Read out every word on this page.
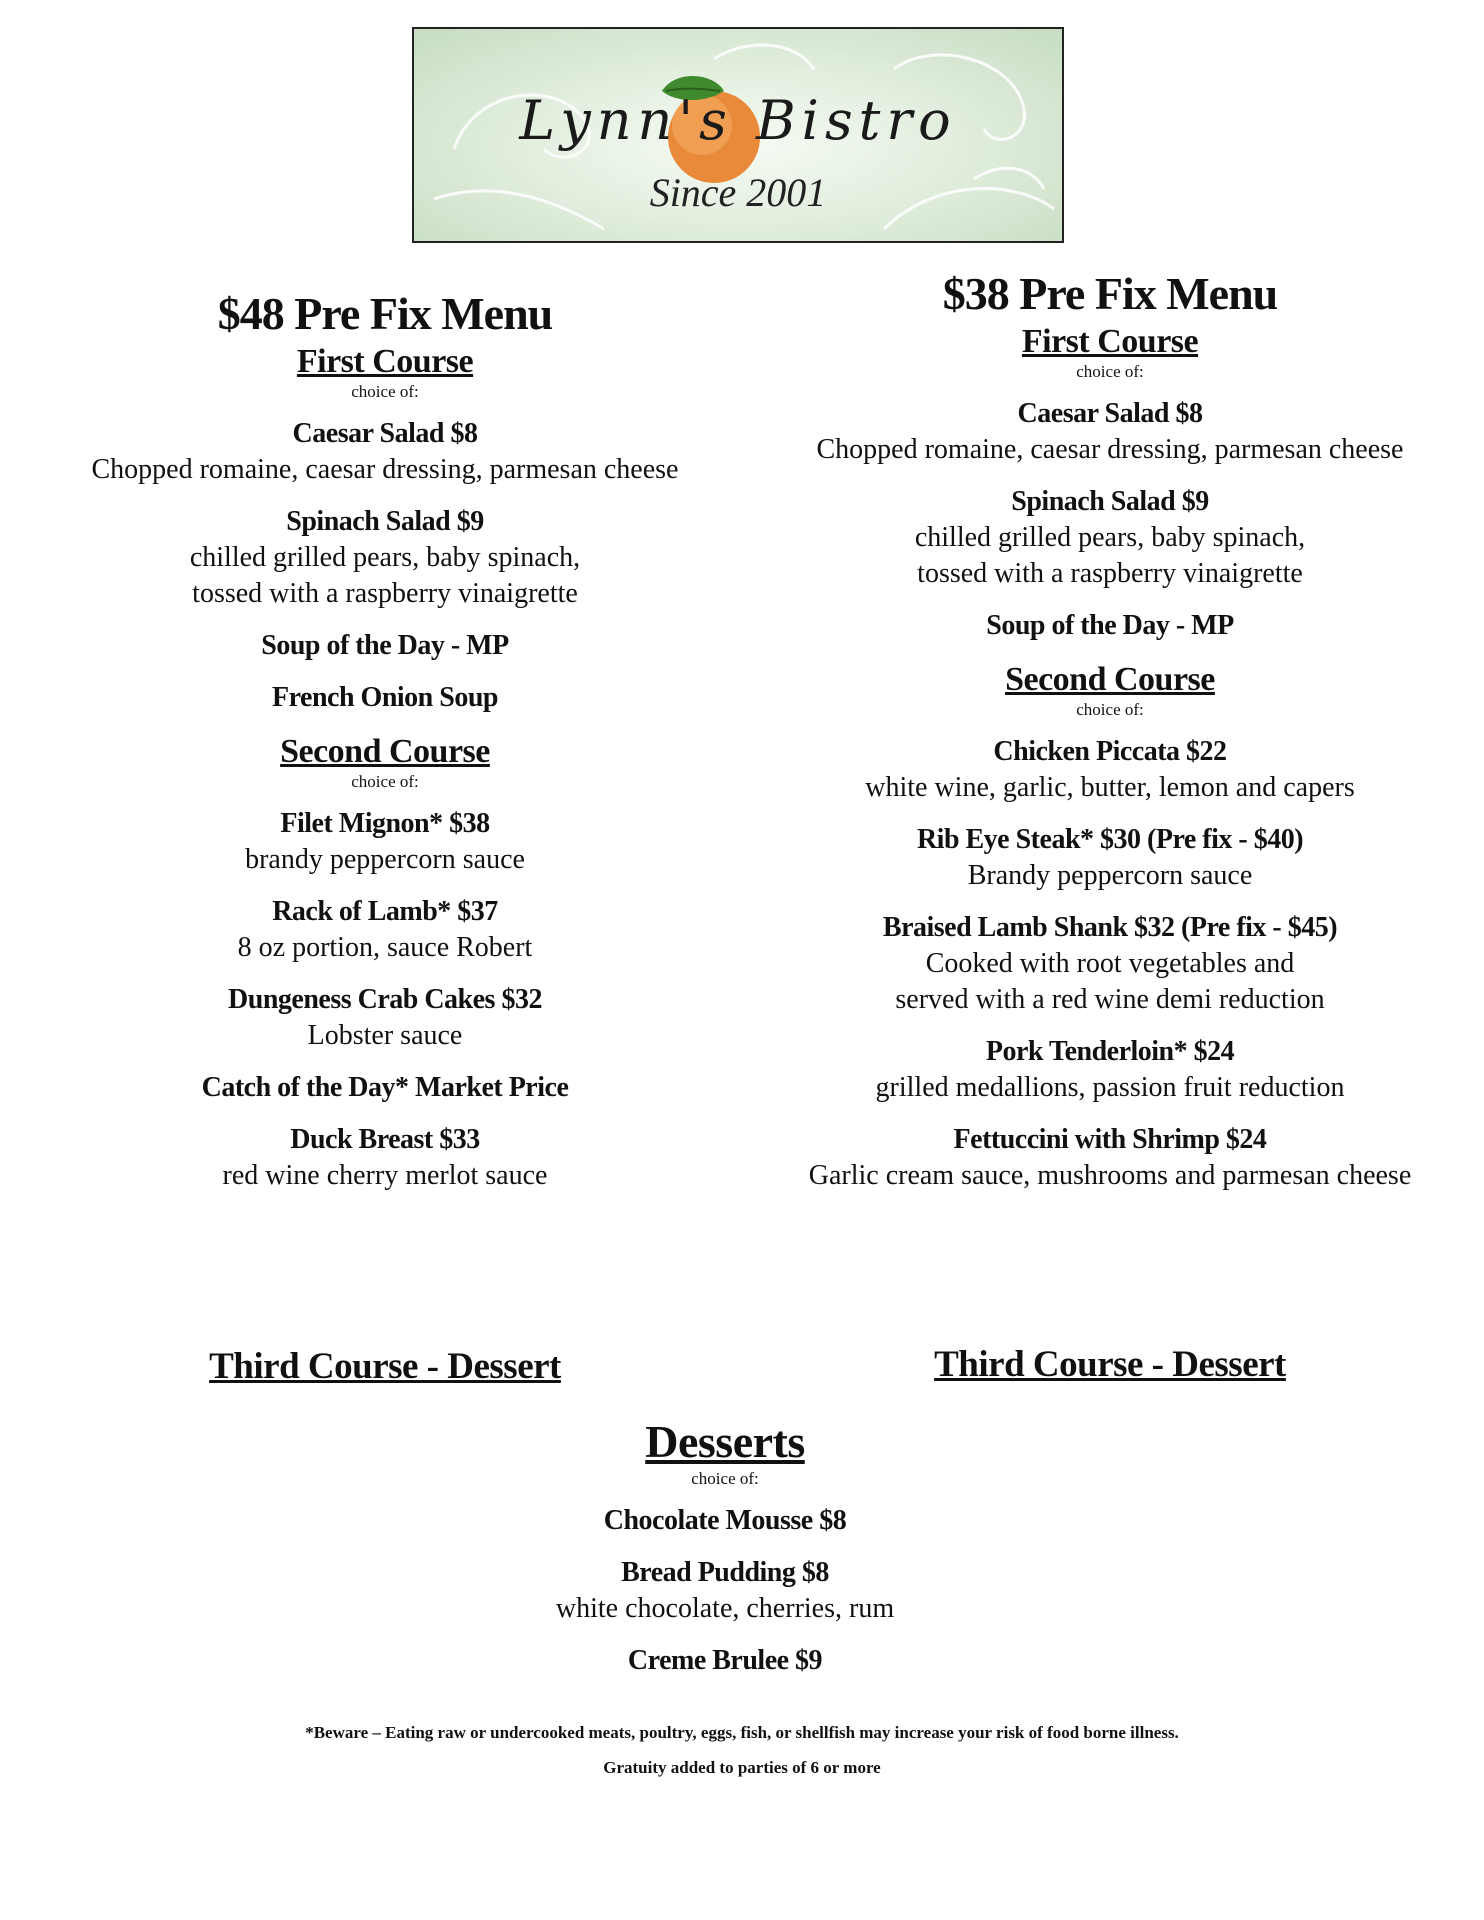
Lynn's Bistro
Since 2001
$48 Pre Fix Menu
First Course
choice of:
Caesar Salad $8
Chopped romaine, caesar dressing, parmesan cheese
Spinach Salad $9
chilled grilled pears, baby spinach,
tossed with a raspberry vinaigrette
Soup of the Day - MP
French Onion Soup
Second Course
choice of:
Filet Mignon* $38
brandy peppercorn sauce
Rack of Lamb* $37
8 oz portion, sauce Robert
Dungeness Crab Cakes $32
Lobster sauce
Catch of the Day* Market Price
Duck Breast $33
red wine cherry merlot sauce
$38 Pre Fix Menu
First Course
choice of:
Caesar Salad $8
Chopped romaine, caesar dressing, parmesan cheese
Spinach Salad $9
chilled grilled pears, baby spinach,
tossed with a raspberry vinaigrette
Soup of the Day - MP
Second Course
choice of:
Chicken Piccata $22
white wine, garlic, butter, lemon and capers
Rib Eye Steak* $30 (Pre fix - $40)
Brandy peppercorn sauce
Braised Lamb Shank $32 (Pre fix - $45)
Cooked with root vegetables and
served with a red wine demi reduction
Pork Tenderloin* $24
grilled medallions, passion fruit reduction
Fettuccini with Shrimp $24
Garlic cream sauce, mushrooms and parmesan cheese
Third Course - Dessert	Third Course - Dessert
Desserts
choice of:
Chocolate Mousse $8
Bread Pudding $8
white chocolate, cherries, rum
Creme Brulee $9
*Beware – Eating raw or undercooked meats, poultry, eggs, fish, or shellfish may increase your risk of food borne illness.
Gratuity added to parties of 6 or more
